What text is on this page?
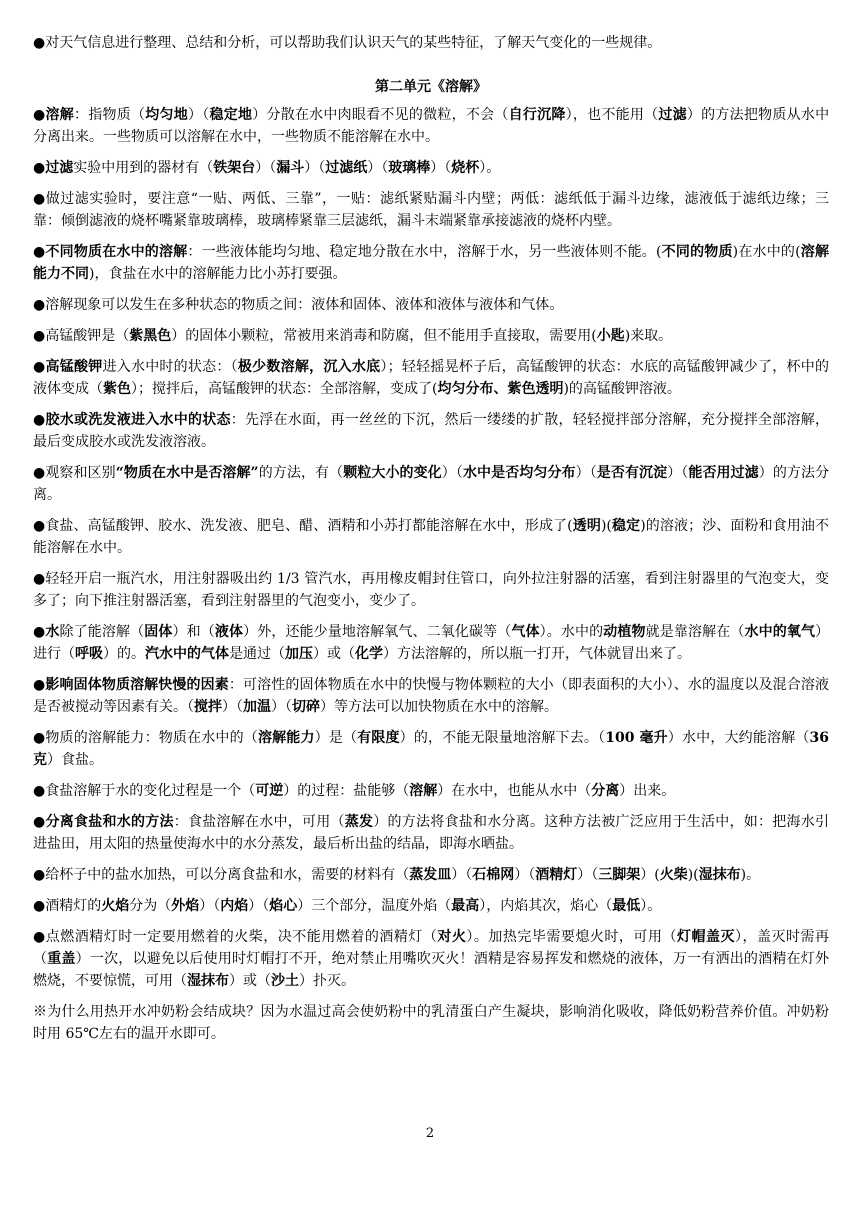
●对天气信息进行整理、总结和分析，可以帮助我们认识天气的某些特征，了解天气变化的一些规律。

第二单元《溶解》

●溶解：指物质（均匀地）（稳定地）分散在水中肉眼看不见的微粒，不会（自行沉降），也不能用（过滤）的方法把物质从水中分离出来。一些物质可以溶解在水中，一些物质不能溶解在水中。

●过滤实验中用到的器材有（铁架台）（漏斗）（过滤纸）（玻璃棒）（烧杯）。

●做过滤实验时，要注意“一贴、两低、三靠”，一贴：滤纸紧贴漏斗内壁；两低：滤纸低于漏斗边缘，滤液低于滤纸边缘；三靠：倾倒滤液的烧杯嘴紧靠玻璃棒，玻璃棒紧靠三层滤纸，漏斗末端紧靠承接滤液的烧杯内壁。

●不同物质在水中的溶解：一些液体能均匀地、稳定地分散在水中，溶解于水，另一些液体则不能。(不同的物质)在水中的(溶解能力不同)，食盐在水中的溶解能力比小苏打要强。

●溶解现象可以发生在多种状态的物质之间：液体和固体、液体和液体与液体和气体。

●高锰酸钾是（紫黑色）的固体小颗粒，常被用来消毒和防腐，但不能用手直接取，需要用(小匙)来取。

●高锰酸钾进入水中时的状态：（极少数溶解，沉入水底）；轻轻摇晃杯子后，高锰酸钾的状态：水底的高锰酸钾减少了，杯中的液体变成（紫色）；搅拌后，高锰酸钾的状态：全部溶解，变成了(均匀分布、紫色透明)的高锰酸钾溶液。

●胶水或洗发液进入水中的状态：先浮在水面，再一丝丝的下沉，然后一缕缕的扩散，轻轻搅拌部分溶解，充分搅拌全部溶解，最后变成胶水或洗发液溶液。

●观察和区别“物质在水中是否溶解”的方法，有（颗粒大小的变化）（水中是否均匀分布）（是否有沉淀）（能否用过滤）的方法分离。

●食盐、高锰酸钾、胶水、洗发液、肥皂、醋、酒精和小苏打都能溶解在水中，形成了(透明)(稳定)的溶液；沙、面粉和食用油不能溶解在水中。

●轻轻开启一瓶汽水，用注射器吸出约 1/3 管汽水，再用橡皮帽封住管口，向外拉注射器的活塞，看到注射器里的气泡变大，变多了；向下推注射器活塞，看到注射器里的气泡变小，变少了。

●水除了能溶解（固体）和（液体）外，还能少量地溶解氧气、二氧化碳等（气体）。水中的动植物就是靠溶解在（水中的氧气）进行（呼吸）的。汽水中的气体是通过（加压）或（化学）方法溶解的，所以瓶一打开，气体就冒出来了。

●影响固体物质溶解快慢的因素：可溶性的固体物质在水中的快慢与物体颗粒的大小（即表面积的大小）、水的温度以及混合溶液是否被搅动等因素有关。（搅拌）（加温）（切碎）等方法可以加快物质在水中的溶解。

●物质的溶解能力：物质在水中的（溶解能力）是（有限度）的，不能无限量地溶解下去。（100 毫升）水中，大约能溶解（36 克）食盐。

●食盐溶解于水的变化过程是一个（可逆）的过程：盐能够（溶解）在水中，也能从水中（分离）出来。

●分离食盐和水的方法：食盐溶解在水中，可用（蒸发）的方法将食盐和水分离。这种方法被广泛应用于生活中，如：把海水引进盐田，用太阳的热量使海水中的水分蒸发，最后析出盐的结晶，即海水晒盐。

●给杯子中的盐水加热，可以分离食盐和水，需要的材料有（蒸发皿）（石棉网）（酒精灯）（三脚架）(火柴)(湿抹布)。

●酒精灯的火焰分为（外焰）（内焰）（焰心）三个部分，温度外焰（最高），内焰其次，焰心（最低）。

●点燃酒精灯时一定要用燃着的火柴，决不能用燃着的酒精灯（对火）。加热完毕需要熄火时，可用（灯帽盖灭），盖灭时需再（重盖）一次，以避免以后使用时灯帽打不开，绝对禁止用嘴吹灭火！酒精是容易挥发和燃烧的液体，万一有洒出的酒精在灯外燃烧，不要惊慌，可用（湿抹布）或（沙土）扑灭。

※为什么用热开水冲奶粉会结成块？因为水温过高会使奶粉中的乳清蛋白产生凝块，影响消化吸收，降低奶粉营养价值。冲奶粉时用 65℃左右的温开水即可。

2
